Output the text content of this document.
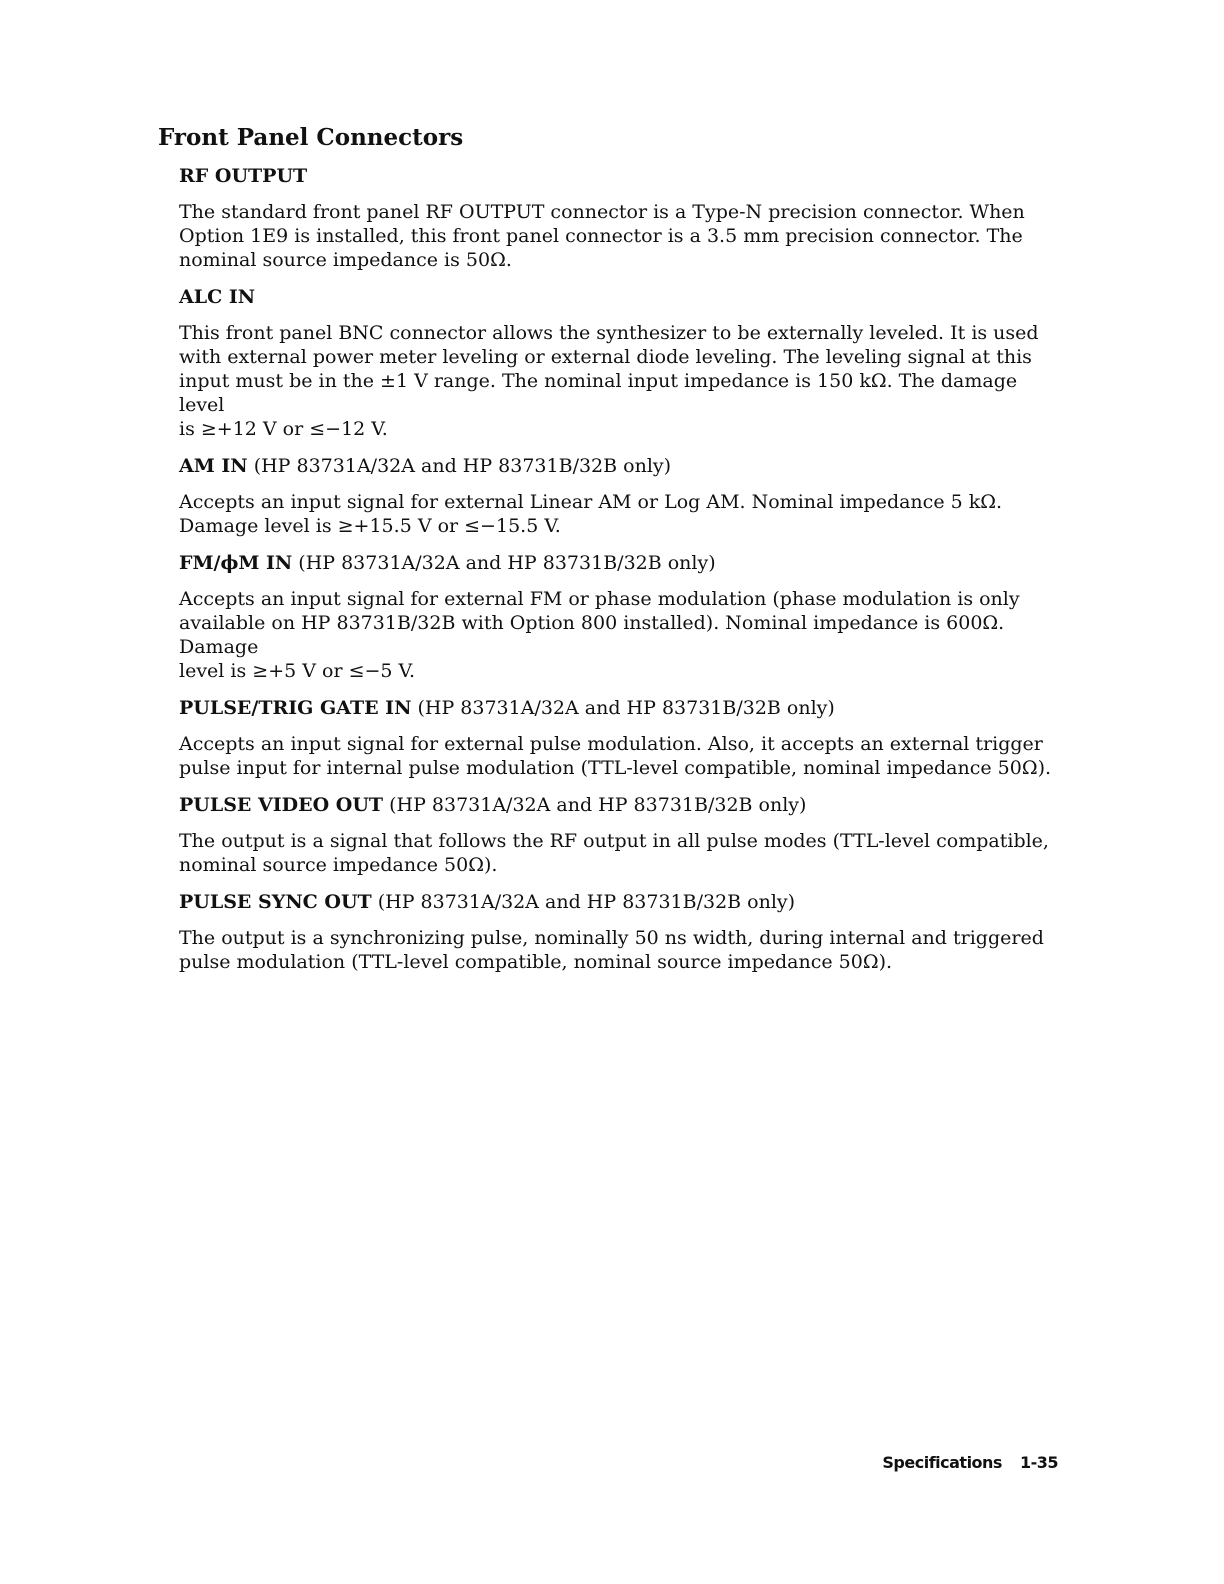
Front Panel Connectors
RF OUTPUT
The standard front panel RF OUTPUT connector is a Type-N precision connector. When
Option 1E9 is installed, this front panel connector is a 3.5 mm precision connector. The
nominal source impedance is 50Ω.
ALC IN
This front panel BNC connector allows the synthesizer to be externally leveled. It is used
with external power meter leveling or external diode leveling. The leveling signal at this
input must be in the ±1 V range. The nominal input impedance is 150 kΩ. The damage level
is ≥+12 V or ≤−12 V.
AM IN (HP 83731A/32A and HP 83731B/32B only)
Accepts an input signal for external Linear AM or Log AM. Nominal impedance 5 kΩ.
Damage level is ≥+15.5 V or ≤−15.5 V.
FM/ϕM IN (HP 83731A/32A and HP 83731B/32B only)
Accepts an input signal for external FM or phase modulation (phase modulation is only
available on HP 83731B/32B with Option 800 installed). Nominal impedance is 600Ω. Damage
level is ≥+5 V or ≤−5 V.
PULSE/TRIG GATE IN (HP 83731A/32A and HP 83731B/32B only)
Accepts an input signal for external pulse modulation. Also, it accepts an external trigger
pulse input for internal pulse modulation (TTL-level compatible, nominal impedance 50Ω).
PULSE VIDEO OUT (HP 83731A/32A and HP 83731B/32B only)
The output is a signal that follows the RF output in all pulse modes (TTL-level compatible,
nominal source impedance 50Ω).
PULSE SYNC OUT (HP 83731A/32A and HP 83731B/32B only)
The output is a synchronizing pulse, nominally 50 ns width, during internal and triggered
pulse modulation (TTL-level compatible, nominal source impedance 50Ω).
Specifications 1-35
